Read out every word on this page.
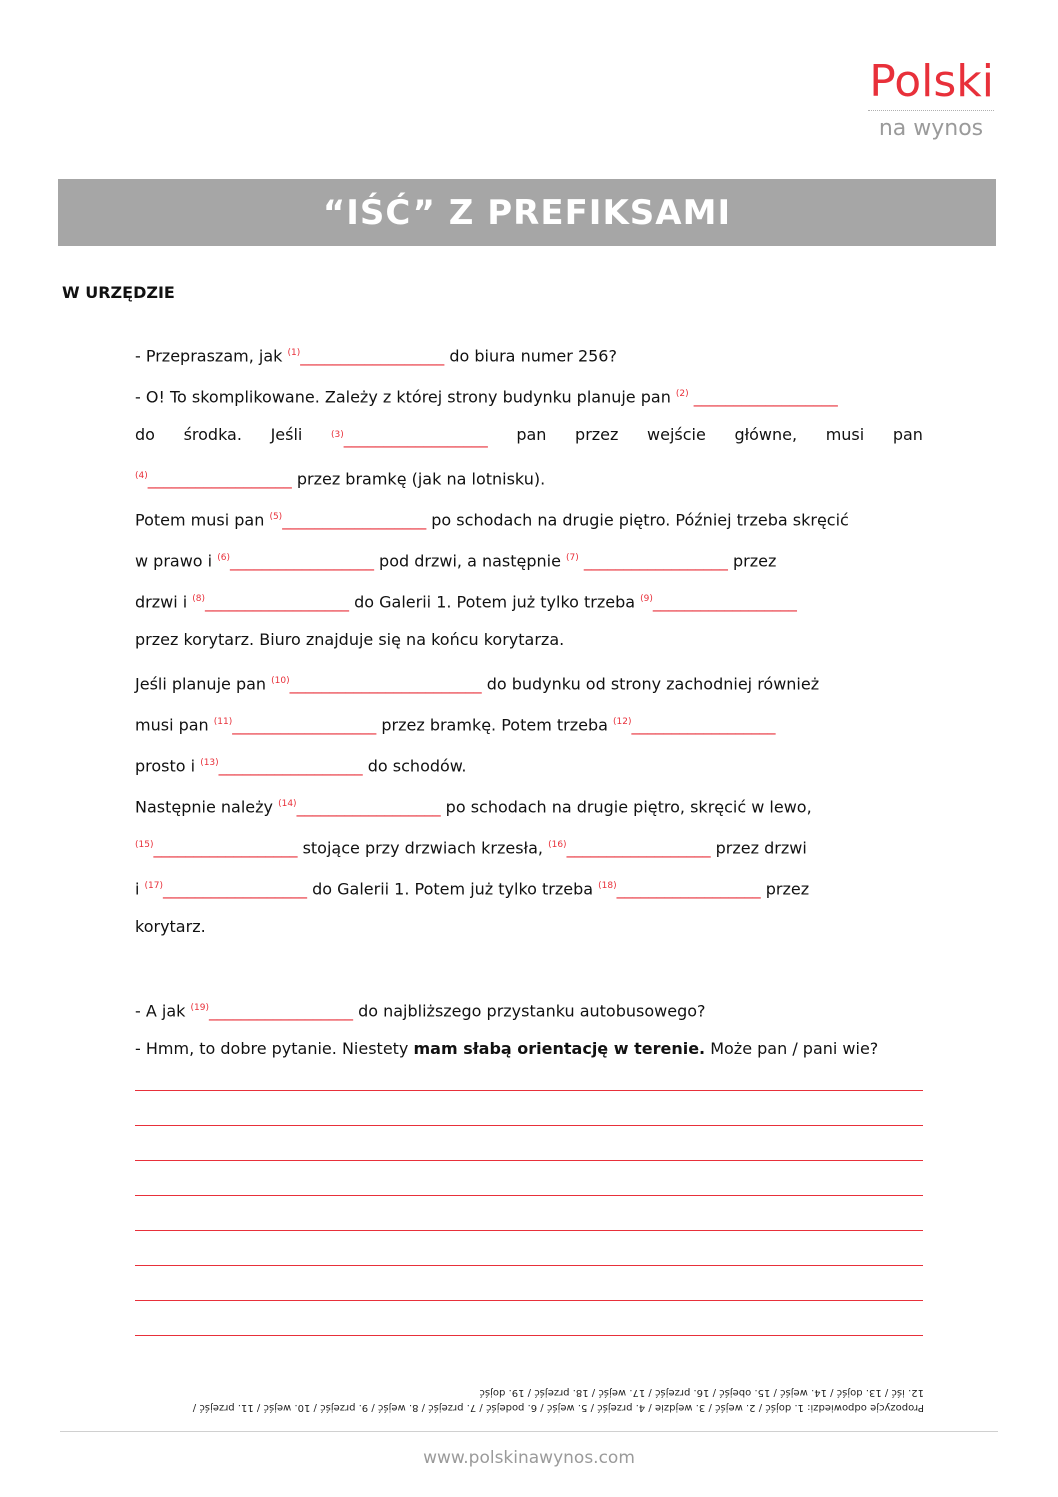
Polski
na wynos
“IŚĆ” Z PREFIKSAMI
W URZĘDZIE
- Przepraszam, jak $^{(1)}$__________________ do biura numer 256?
- O! To skomplikowane. Zależy z której strony budynku planuje pan $^{(2)}$ __________________
do środka. Jeśli	$^{(3)}$__________________ pan przez wejście główne, musi pan
$^{(4)}$__________________ przez bramkę (jak na lotnisku).
Potem musi pan $^{(5)}$__________________ po schodach na drugie piętro. Później trzeba skręcić
w prawo i $^{(6)}$__________________ pod drzwi, a następnie $^{(7)}$ __________________ przez
drzwi i $^{(8)}$__________________ do Galerii 1. Potem już tylko trzeba $^{(9)}$__________________
przez korytarz. Biuro znajduje się na końcu korytarza.
Jeśli planuje pan $^{(10)}$________________________ do budynku od strony zachodniej również
musi pan $^{(11)}$__________________ przez bramkę. Potem trzeba $^{(12)}$__________________
prosto i $^{(13)}$__________________ do schodów.
Następnie należy $^{(14)}$__________________ po schodach na drugie piętro, skręcić w lewo,
$^{(15)}$__________________ stojące przy drzwiach krzesła, $^{(16)}$__________________ przez drzwi
i $^{(17)}$__________________ do Galerii 1. Potem już tylko trzeba $^{(18)}$__________________ przez
korytarz.
- A jak $^{(19)}$__________________ do najbliższego przystanku autobusowego?
- Hmm, to dobre pytanie. Niestety mam słabą orientację w terenie. Może pan / pani wie?
Propozycje odpowiedzi: 1. dojść / 2. wejść / 3. wejdzie / 4. przejść / 5. wejść / 6. podejść / 7. przejść / 8. wejść / 9. przejść / 10. wejść / 11. przejść /
12. iść / 13. dojść / 14. wejść / 15. obejść / 16. przejść / 17. wejść / 18. przejść / 19. dojść
www.polskinawynos.com
